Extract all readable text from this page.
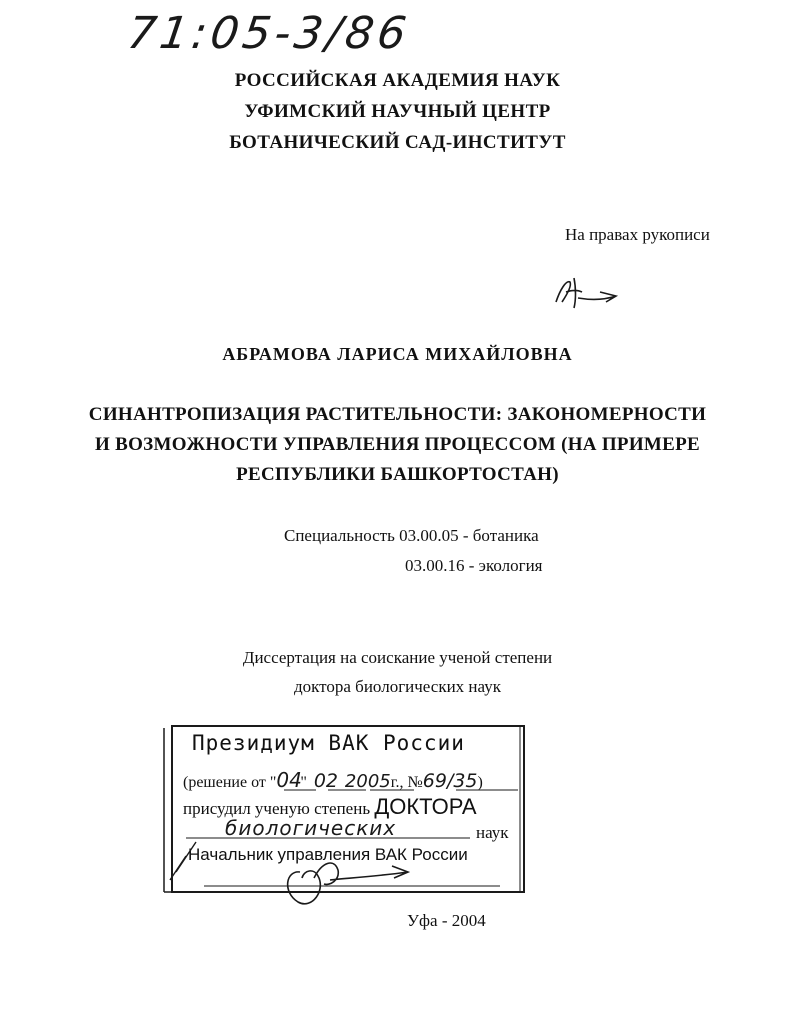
71:05-3/86
РОССИЙСКАЯ АКАДЕМИЯ НАУК
УФИМСКИЙ НАУЧНЫЙ ЦЕНТР
БОТАНИЧЕСКИЙ САД-ИНСТИТУТ
На правах рукописи
АБРАМОВА ЛАРИСА МИХАЙЛОВНА
СИНАНТРОПИЗАЦИЯ РАСТИТЕЛЬНОСТИ: ЗАКОНОМЕРНОСТИ
И ВОЗМОЖНОСТИ УПРАВЛЕНИЯ ПРОЦЕССОМ (НА ПРИМЕРЕ
РЕСПУБЛИКИ БАШКОРТОСТАН)
Специальность 03.00.05 - ботаника
03.00.16 - экология
Диссертация на соискание ученой степени
доктора биологических наук
Президиум ВАК России
(решение от "04" 02 2005г., №69/35)
присудил ученую степень ДОКТОРА
биологических	наук
Начальник управления ВАК России
Уфа - 2004
